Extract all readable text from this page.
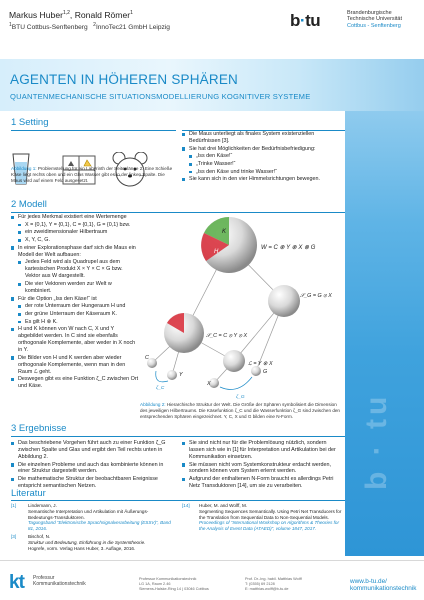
Markus Huber$^{1,2}$, Ronald Römer$^1$
$^1$BTU Cottbus-Senftenberg $^2$InnoTec21 GmbH Leipzig	b·tu	Brandenburgische
Technische Universität
Cottbus - Senftenberg
AGENTEN IN HÖHEREN SPHÄREN
QUANTENMECHANISCHE SITUATIONSMODELLIERUNG KOGNITIVER SYSTEME
b · tu
1 Setting
Abbildung 1: Problemstellung für ein Labyrinth der Seitenlänge 2: Eine Schieße Käse liegt rechts oben und ein Glas Wasser gibt es in der linken Spalte. Die Maus wird auf einem Feld ausgesetzt.
Die Maus unterliegt als finales System existenziellen Bedürfnissen [3].
Sie hat drei Möglichkeiten der Bedürfnisbefriedigung:
„Iss den Käse!“
„Trinke Wasser!“
„Iss den Käse und trinke Wasser!“
Sie kann sich in den vier Himmelsrichtungen bewegen.
2 Modell
Für jedes Merkmal existiert eine Wertemenge
X = {0,1}, Y = {0,1}, C = {0,1}, G = {0,1} bzw.
ein zweidimensionaler Hilbertraum
X, Y, C, G.
In einer Explorationsphase darf sich die Maus ein Modell der Welt aufbauen:
Jedes Feld wird als Quadrupel aus dem kartesischen Produkt X × Y × C × G bzw. Vektor aus W dargestellt.
Die vier Vektoren werden zur Welt w kombiniert.
Für die Option „Iss den Käse!“ ist
der rote Unterraum der Hungeraum H und
der grüne Unterraum der Käseraum K.
Es gilt H ⊗ K.
H und K können von W nach C, X und Y abgebildet werden. In C sind sie ebenfalls orthogonale Komplemente, aber weder in X noch in Y.
Die Bilder von H und K werden aber wieder orthogonale Komplemente, wenn man in den Raum ℒ geht.
Deswegen gibt es eine Funktion ζ_C zwischen Ort und Käse.
W = C ⊗ Y ⊗ X ⊗ G
𝒮_G = G ⊗ X
𝒮_C = C ⊗ Y ⊗ X
ℒ = Y ⊗ X
K
H
C
Y
X
G
ζ_C
ζ_G
Abbildung 2: Hierarchische Struktur der Welt. Die Größe der Sphären symbolisiert die Dimension des jeweiligen Hilbertraums. Die Käsefunktion ζ_C und die Wasserfunktion ζ_G sind zwischen den entsprechenden Sphären eingezeichnet. Y, C, X und G bilden eine N-Form.
3 Ergebnisse
Das beschriebene Vorgehen führt auch zu einer Funktion ζ_G zwischen Spalte und Glas und ergibt den Teil rechts unten in Abbildung 2.
Die einzelnen Probleme und auch das kombinierte können in einer Struktur dargestellt werden.
Die mathematische Struktur der beobachtbaren Ereignisse entspricht semantischen Netzen.
Sie sind nicht nur für die Problemlösung nützlich, sondern lassen sich wie in [1] für Interpretation und Artikulation bei der Kommunikation einsetzen.
Sie müssen nicht vom Systemkonstrukteur erdacht werden, sondern können vom System erlernt werden.
Aufgrund der enthaltenen N-Form braucht es allerdings Petri Netz Transduktoren [14], um sie zu verarbeiten.
Literatur
[1]	Lindemann, J.
Semantische Interpretation und Artikulation mit Äußerungs-Bedeutungs-Transduktoren.
Tagungsband “Elektronische Sprachsignalverarbeitung (ESSV)”, Band 81, 2016.
[3]	Bischof, N.
Struktur und Bedeutung, Einführung in die Systemtheorie.
Hogrefe, vorm. Verlag Hans Huber, 3. Auflage, 2016.
[14]	Huber, M. and Wolff, M.
Segmenting Sequences Semantically. Using Petri Net Transducers for the Translation from Sequential Data to Non-Sequential Models.
Proceedings of “International Workshop on Algorithms & Theories for the Analysis of Event Data (ATAED)”, volume 1847, 2017.
kt Professur
Kommunikationstechnik
Professur Kommunikationstechnik
LG 1A, Raum 2.46
Siemens-Halske-Ring 14 | 03046 Cottbus
Prof. Dr.-Ing. habil. Matthias Wolff
T: (0355) 69 2128
E: matthias.wolff@b-tu.de
www.b-tu.de/
kommunikationstechnik
